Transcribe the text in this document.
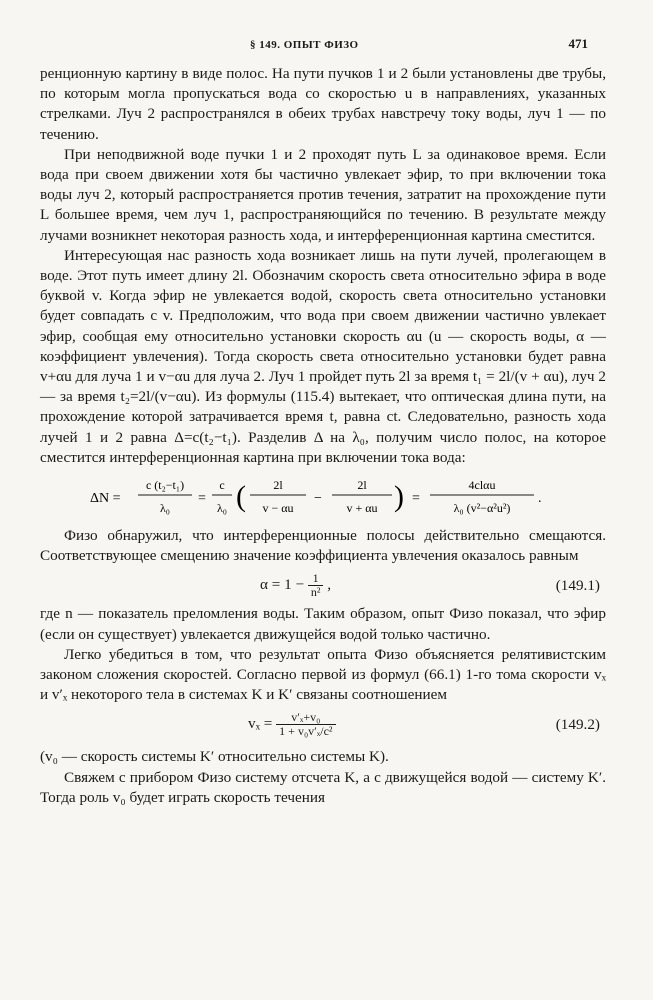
§ 149. ОПЫТ ФИЗО	471

ренционную картину в виде полос. На пути пучков 1 и 2 были установлены две трубы, по которым могла пропускаться вода со скоростью u в направлениях, указанных стрелками. Луч 2 распространялся в обеих трубах навстречу току воды, луч 1 — по течению.

При неподвижной воде пучки 1 и 2 проходят путь L за одинаковое время. Если вода при своем движении хотя бы частично увлекает эфир, то при включении тока воды луч 2, который распространяется против течения, затратит на прохождение пути L большее время, чем луч 1, распространяющийся по течению. В результате между лучами возникнет некоторая разность хода, и интерференционная картина сместится.

Интересующая нас разность хода возникает лишь на пути лучей, пролегающем в воде. Этот путь имеет длину 2l. Обозначим скорость света относительно эфира в воде буквой v. Когда эфир не увлекается водой, скорость света относительно установки будет совпадать с v. Предположим, что вода при своем движении частично увлекает эфир, сообщая ему относительно установки скорость αu (u — скорость воды, α — коэффициент увлечения). Тогда скорость света относительно установки будет равна v+αu для луча 1 и v−αu для луча 2. Луч 1 пройдет путь 2l за время t₁ = 2l/(v + αu), луч 2 — за время t₂=2l/(v−αu). Из формулы (115.4) вытекает, что оптическая длина пути, на прохождение которой затрачивается время t, равна ct. Следовательно, разность хода лучей 1 и 2 равна Δ=c(t₂−t₁). Разделив Δ на λ₀, получим число полос, на которое сместится интерференционная картина при включении тока вода:

ΔN =
c (t₂−t₁)
λ₀
=
c
λ₀ ( 2l
v − αu
−
2l
v + αu ) =
4clαu
λ₀ (v²−α²u²)
.

Физо обнаружил, что интерференционные полосы действительно смещаются. Соответствующее смещению значение коэффициента увлечения оказалось равным

$\alpha = 1 - \frac{1}{\text{n²}}$ ,	(149.1)

где n — показатель преломления воды. Таким образом, опыт Физо показал, что эфир (если он существует) увлекается движущейся водой только частично.

Легко убедиться в том, что результат опыта Физо объясняется релятивистским законом сложения скоростей. Согласно первой из формул (66.1) 1-го тома скорости vₓ и v′ₓ некоторого тела в системах K и K′ связаны соотношением

$v_x = \frac{\text{v′ₓ+v₀}}{\text{1 + v₀v′ₓ/c²}}$	(149.2)

(v₀ — скорость системы K′ относительно системы K).

Свяжем с прибором Физо систему отсчета K, а с движущейся водой — систему K′. Тогда роль v₀ будет играть скорость течения
